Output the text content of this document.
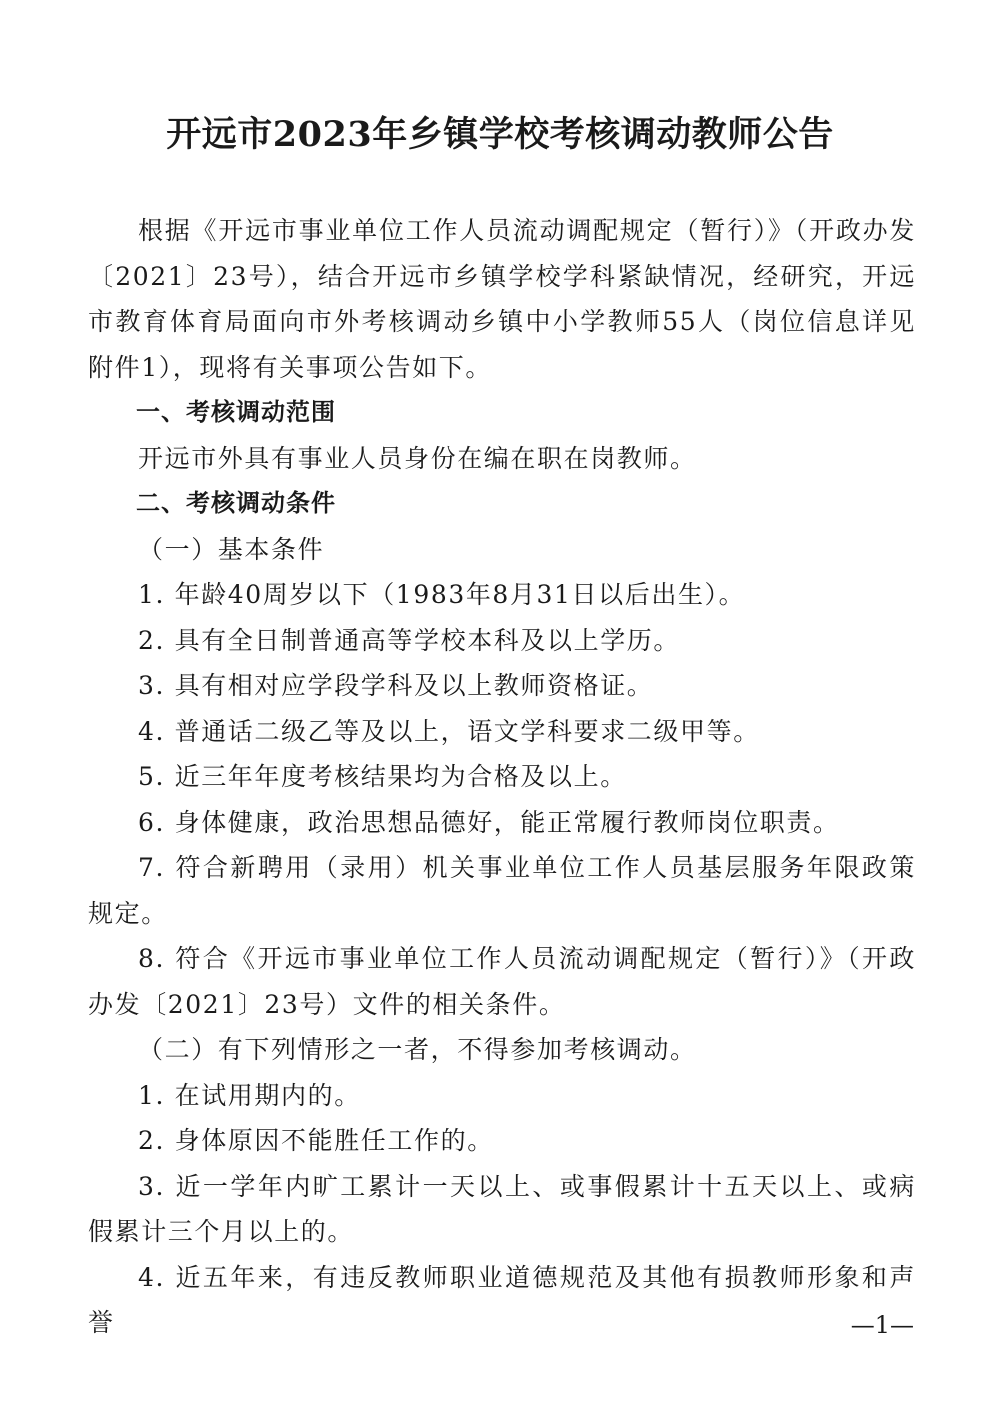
开远市2023年乡镇学校考核调动教师公告

根据《开远市事业单位工作人员流动调配规定（暂行）》（开政办发〔2021〕23号），结合开远市乡镇学校学科紧缺情况，经研究，开远市教育体育局面向市外考核调动乡镇中小学教师55人（岗位信息详见附件1），现将有关事项公告如下。

一、考核调动范围

开远市外具有事业人员身份在编在职在岗教师。

二、考核调动条件

（一）基本条件

1. 年龄40周岁以下（1983年8月31日以后出生）。

2. 具有全日制普通高等学校本科及以上学历。

3. 具有相对应学段学科及以上教师资格证。

4. 普通话二级乙等及以上，语文学科要求二级甲等。

5. 近三年年度考核结果均为合格及以上。

6. 身体健康，政治思想品德好，能正常履行教师岗位职责。

7. 符合新聘用（录用）机关事业单位工作人员基层服务年限政策规定。

8. 符合《开远市事业单位工作人员流动调配规定（暂行）》（开政办发〔2021〕23号）文件的相关条件。

（二）有下列情形之一者，不得参加考核调动。

1. 在试用期内的。

2. 身体原因不能胜任工作的。

3. 近一学年内旷工累计一天以上、或事假累计十五天以上、或病假累计三个月以上的。

4. 近五年来，有违反教师职业道德规范及其他有损教师形象和声誉	—1—
